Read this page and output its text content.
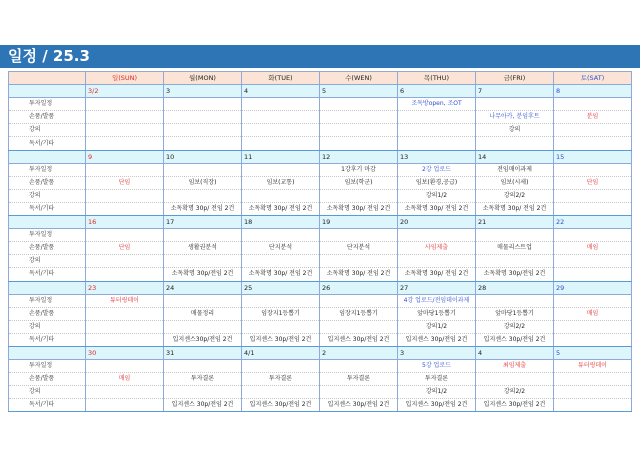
일정 / 25.3
	일(SUN)	월(MON)	화(TUE)	수(WEN)	목(THU)	금(FRI)	토(SAT)
	3/2	3	4	5	6	7	8
투자일정					조독방open, 조OT		
손품/발품						나무아카, 분임후트	분임
강의						강의	
독서/기타							
	9	10	11	12	13	14	15
투자일정				1강후기 마감	2강 업로드	전임매이과제	
손품/발품	단임	임보(직장)	임보(교통)	임보(학군)	임보(환경,공급)	임보(시세)	단임
강의					강의1/2	강의2/2	
독서/기타		소독확명 30p/ 전임 2건	소독확명 30p/ 전임 2건	소독확명 30p/ 전임 2건	소독확명 30p/ 전임 2건	소독확명 30p/ 전임 2건	
	16	17	18	19	20	21	22
투자일정							
손품/발품	단임	생활권분석	단지분석	단지분석	사임제출	매물리스트업	매임
강의							
독서/기타		소독확명 30p/전임 2건	소독확명 30p/ 전임 2건	소독확명 30p/ 전임 2건	소독확명 30p/ 전임 2건	소독확명 30p/전임 2건	
	23	24	25	26	27	28	29
투자일정	튜터링데이				4강 업로드/전임데이과제		
손품/발품		매물정리	임장지1등뽑기	임장지1등뽑기	앞마당1등뽑기	앞마당1등뽑기	매임
강의					강의1/2	강의2/2	
독서/기타		입지센스30p/전임 2건	입지센스 30p/전임 2건	입지센스 30p/전임 2건	입지센스 30p/전임 2건	입지센스 30p/전임 2건	
	30	31	4/1	2	3	4	5
투자일정					5강 업로드	최임제출	튜터링데이
손품/발품	매임	투자결론	투자결론	투자결론	투자결론		
강의					강의1/2	강의2/2	
독서/기타		입지센스 30p/전임 2건	입지센스 30p/전임 2건	입지센스 30p/전임 2건	입지센스 30p/전임 2건	입지센스 30p/전임 2건	
